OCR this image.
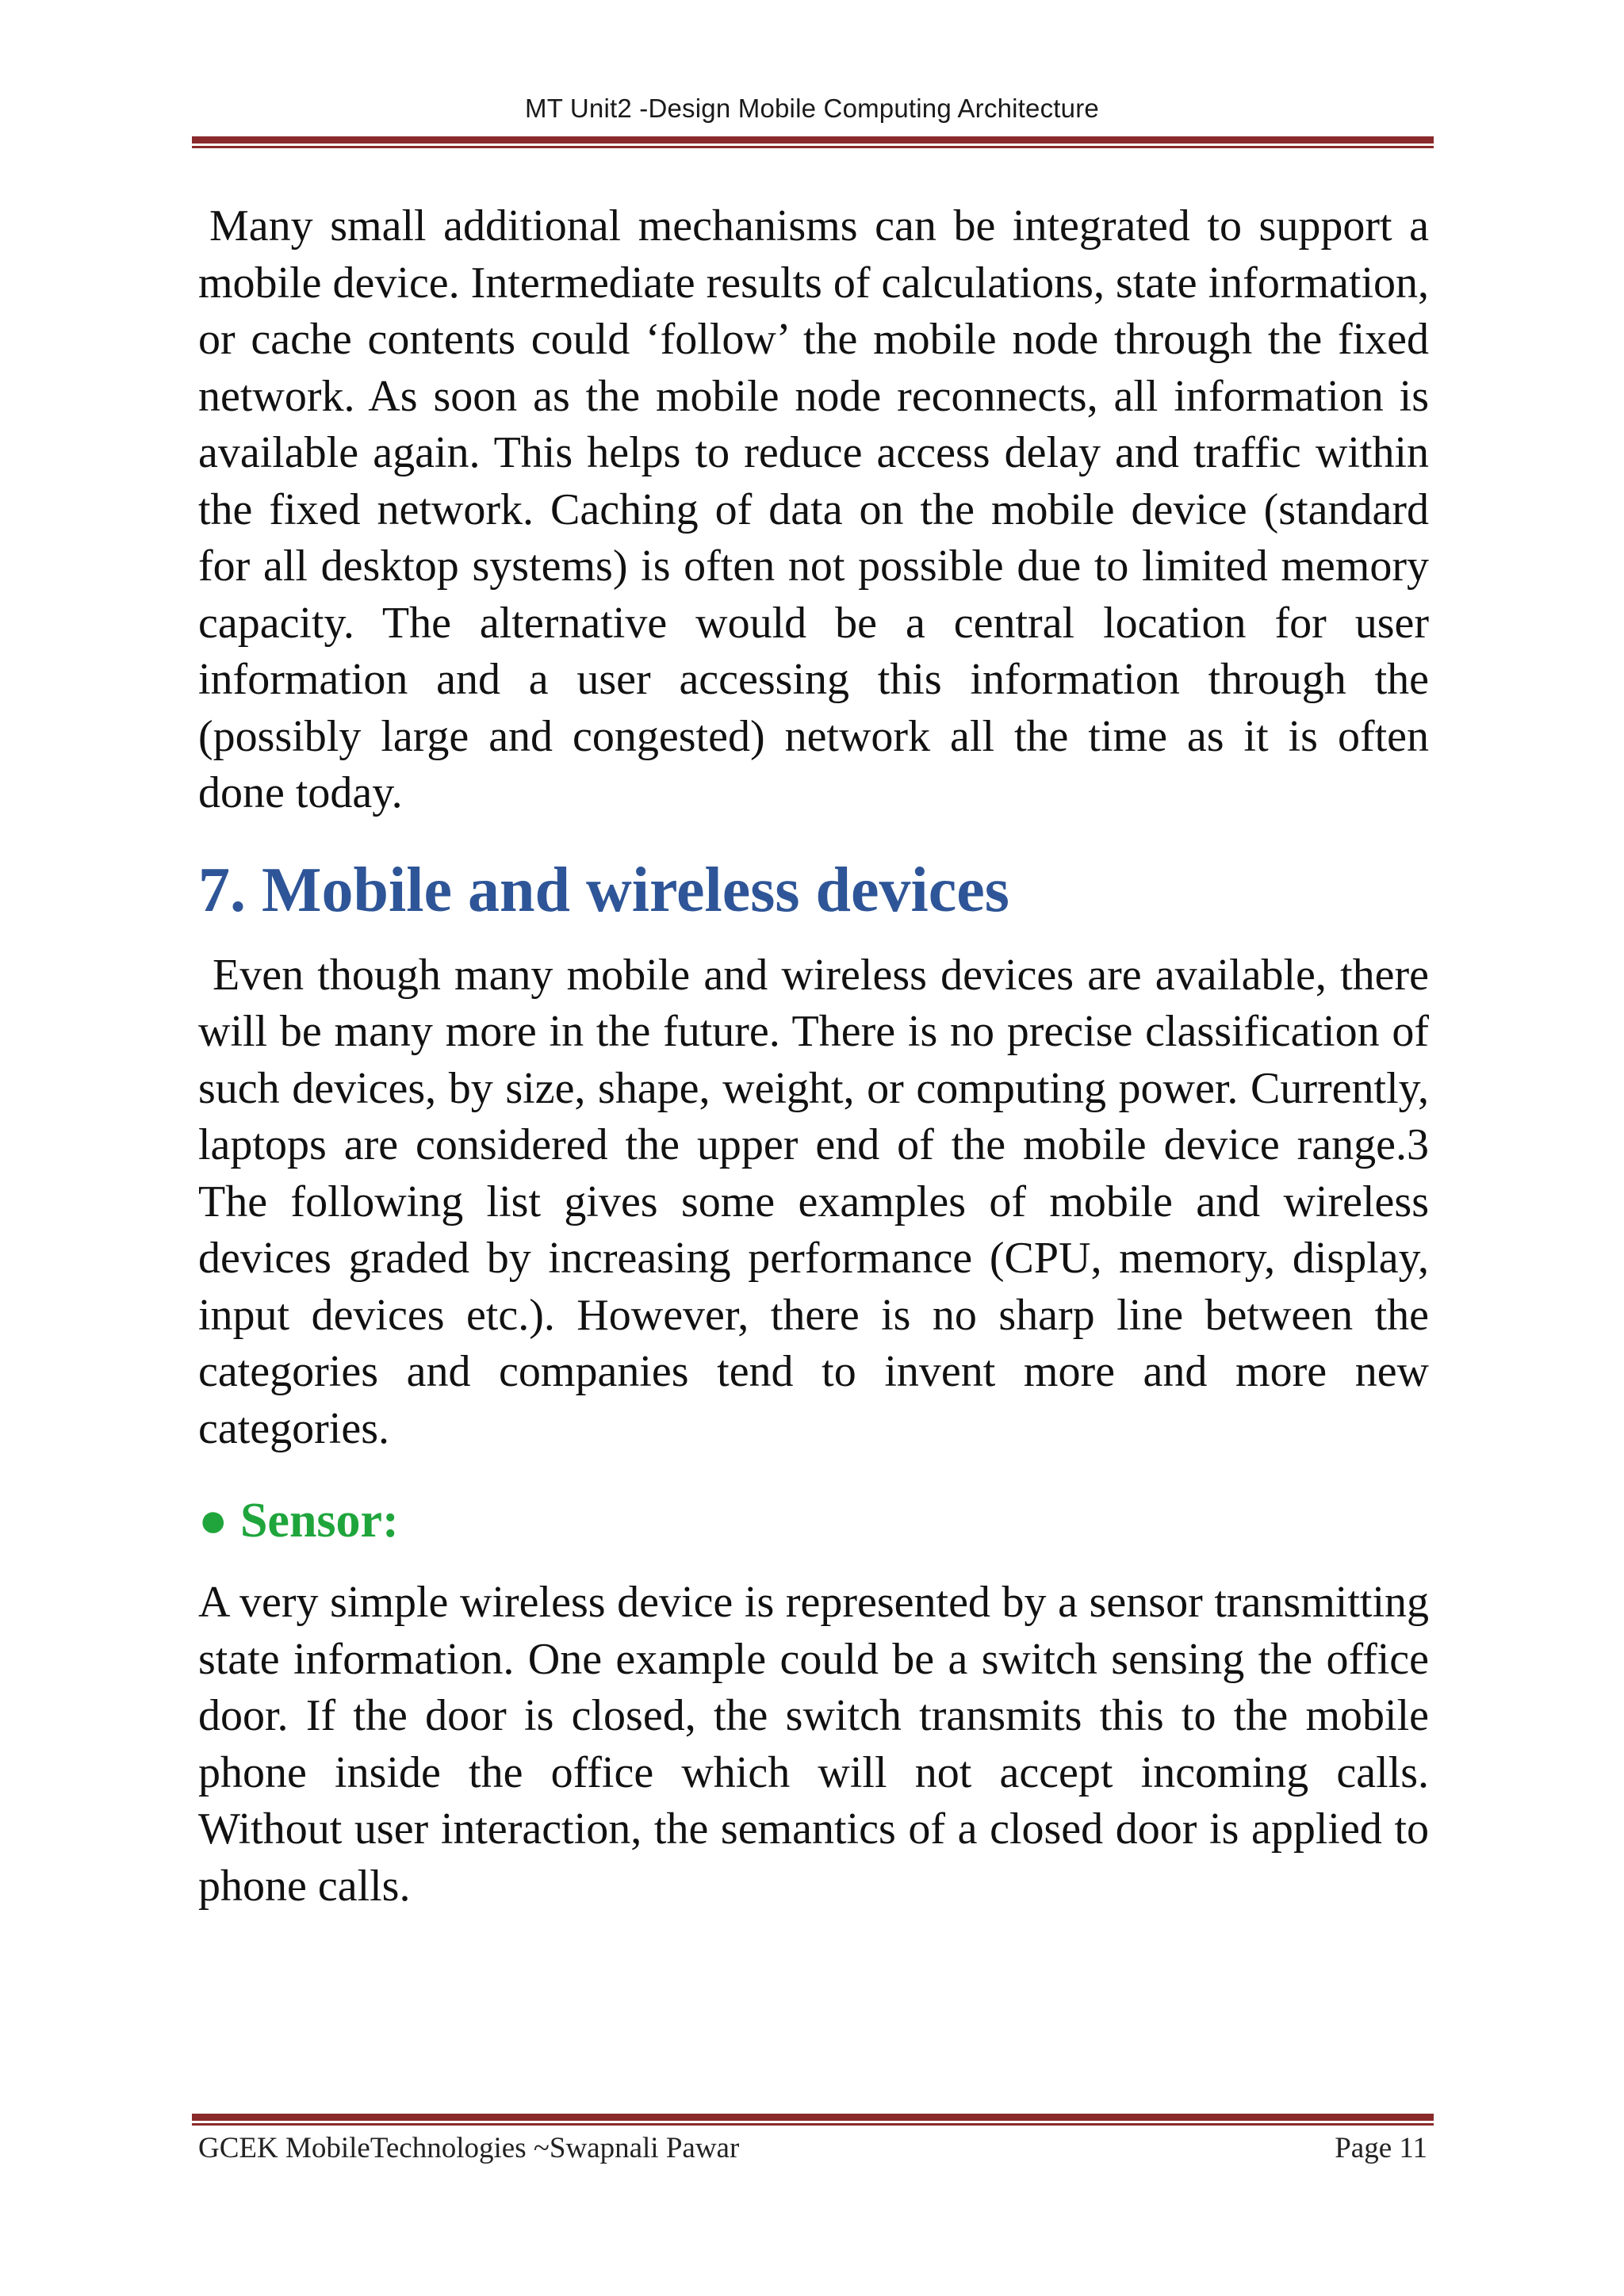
MT Unit2 -Design Mobile Computing Architecture

Many small additional mechanisms can be integrated to support a mobile device. Intermediate results of calculations, state information, or cache contents could ‘follow’ the mobile node through the fixed network. As soon as the mobile node reconnects, all information is available again. This helps to reduce access delay and traffic within the fixed network. Caching of data on the mobile device (standard for all desktop systems) is often not possible due to limited memory capacity. The alternative would be a central location for user information and a user accessing this information through the (possibly large and congested) network all the time as it is often done today.

7. Mobile and wireless devices

Even though many mobile and wireless devices are available, there will be many more in the future. There is no precise classification of such devices, by size, shape, weight, or computing power. Currently, laptops are considered the upper end of the mobile device range.3 The following list gives some examples of mobile and wireless devices graded by increasing performance (CPU, memory, display, input devices etc.). However, there is no sharp line between the categories and companies tend to invent more and more new categories.

● Sensor:

A very simple wireless device is represented by a sensor transmitting state information. One example could be a switch sensing the office door. If the door is closed, the switch transmits this to the mobile phone inside the office which will not accept incoming calls. Without user interaction, the semantics of a closed door is applied to phone calls.

GCEK MobileTechnologies ~Swapnali Pawar	Page 11
